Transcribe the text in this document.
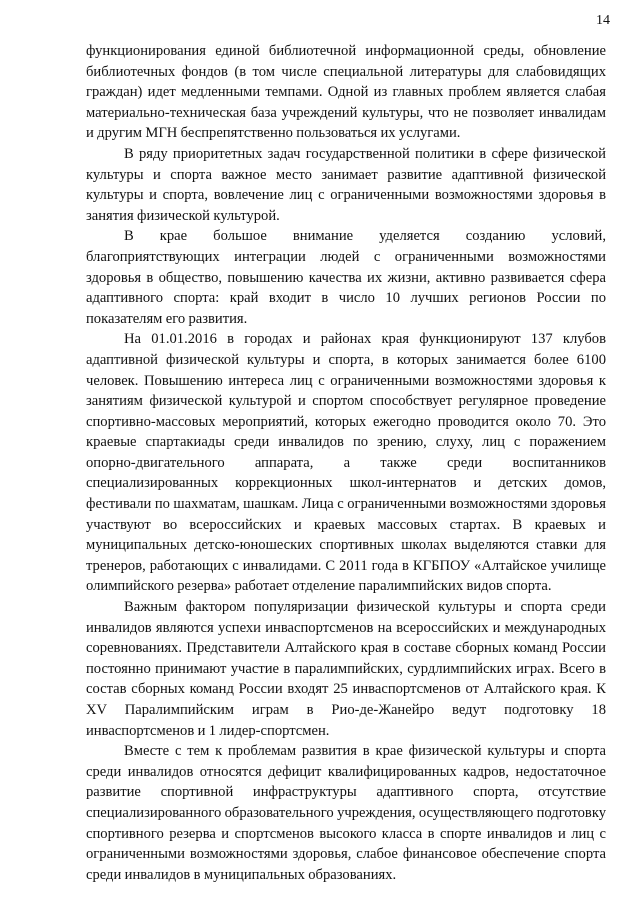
14

функционирования единой библиотечной информационной среды, обновление библиотечных фондов (в том числе специальной литературы для слабовидящих граждан) идет медленными темпами. Одной из главных проблем является слабая материально-техническая база учреждений культуры, что не позволяет инвалидам и другим МГН беспрепятственно пользоваться их услугами.

В ряду приоритетных задач государственной политики в сфере физической культуры и спорта важное место занимает развитие адаптивной физической культуры и спорта, вовлечение лиц с ограниченными возможностями здоровья в занятия физической культурой.

В крае большое внимание уделяется созданию условий, благоприятствующих интеграции людей с ограниченными возможностями здоровья в общество, повышению качества их жизни, активно развивается сфера адаптивного спорта: край входит в число 10 лучших регионов России по показателям его развития.

На 01.01.2016 в городах и районах края функционируют 137 клубов адаптивной физической культуры и спорта, в которых занимается более 6100 человек. Повышению интереса лиц с ограниченными возможностями здоровья к занятиям физической культурой и спортом способствует регулярное проведение спортивно-массовых мероприятий, которых ежегодно проводится около 70. Это краевые спартакиады среди инвалидов по зрению, слуху, лиц с поражением опорно-двигательного аппарата, а также среди воспитанников специализированных коррекционных школ-интернатов и детских домов, фестивали по шахматам, шашкам. Лица с ограниченными возможностями здоровья участвуют во всероссийских и краевых массовых стартах. В краевых и муниципальных детско-юношеских спортивных школах выделяются ставки для тренеров, работающих с инвалидами. С 2011 года в КГБПОУ «Алтайское училище олимпийского резерва» работает отделение паралимпийских видов спорта.

Важным фактором популяризации физической культуры и спорта среди инвалидов являются успехи инваспортсменов на всероссийских и международных соревнованиях. Представители Алтайского края в составе сборных команд России постоянно принимают участие в паралимпийских, сурдлимпийских играх. Всего в состав сборных команд России входят 25 инваспортсменов от Алтайского края. К XV Паралимпийским играм в Рио-де-Жанейро ведут подготовку 18 инваспортсменов и 1 лидер-спортсмен.

Вместе с тем к проблемам развития в крае физической культуры и спорта среди инвалидов относятся дефицит квалифицированных кадров, недостаточное развитие спортивной инфраструктуры адаптивного спорта, отсутствие специализированного образовательного учреждения, осуществляющего подготовку спортивного резерва и спортсменов высокого класса в спорте инвалидов и лиц с ограниченными возможностями здоровья, слабое финансовое обеспечение спорта среди инвалидов в муниципальных образованиях.
